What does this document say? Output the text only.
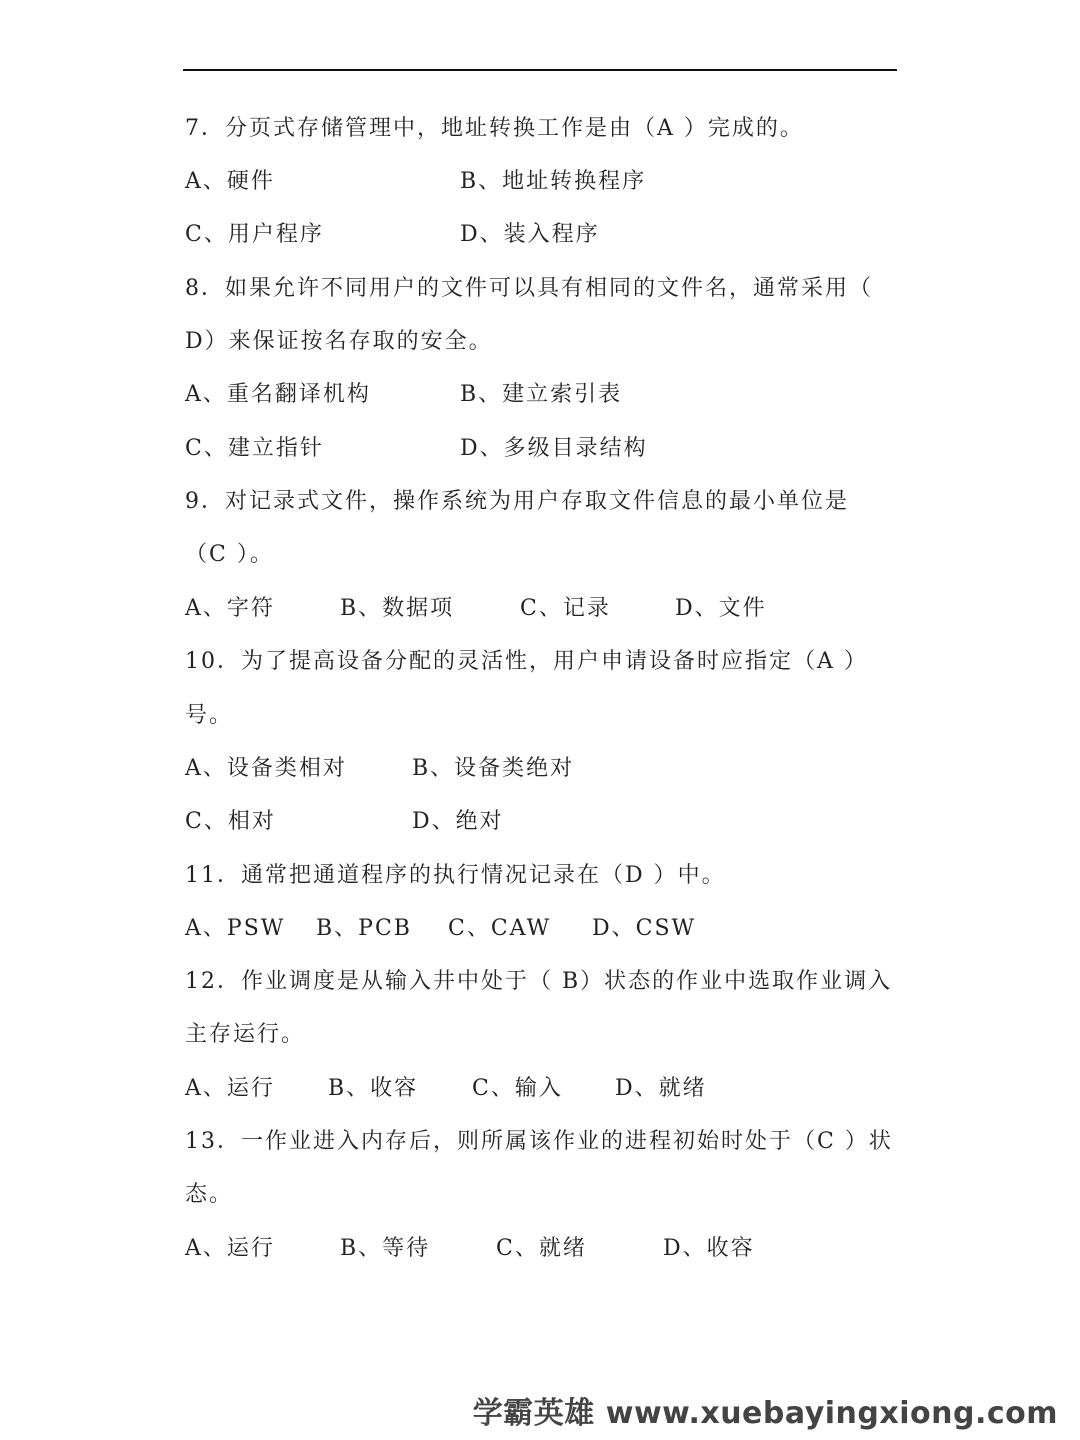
7．分页式存储管理中，地址转换工作是由（A ）完成的。
A、硬件	B、地址转换程序
C、用户程序	D、装入程序
8．如果允许不同用户的文件可以具有相同的文件名，通常采用（
D）来保证按名存取的安全。
A、重名翻译机构	B、建立索引表
C、建立指针	D、多级目录结构
9．对记录式文件，操作系统为用户存取文件信息的最小单位是
（C ）。
A、字符	B、数据项	C、记录	D、文件
10．为了提高设备分配的灵活性，用户申请设备时应指定（A ）
号。
A、设备类相对	B、设备类绝对
C、相对	D、绝对
11．通常把通道程序的执行情况记录在（D ）中。
A、PSW B、PCB C、CAW D、CSW
12．作业调度是从输入井中处于（ B）状态的作业中选取作业调入
主存运行。
A、运行 B、收容 C、输入 D、就绪
13．一作业进入内存后，则所属该作业的进程初始时处于（C ）状
态。
A、运行	B、等待	C、就绪	D、收容
学霸英雄 www.xuebayingxiong.com
